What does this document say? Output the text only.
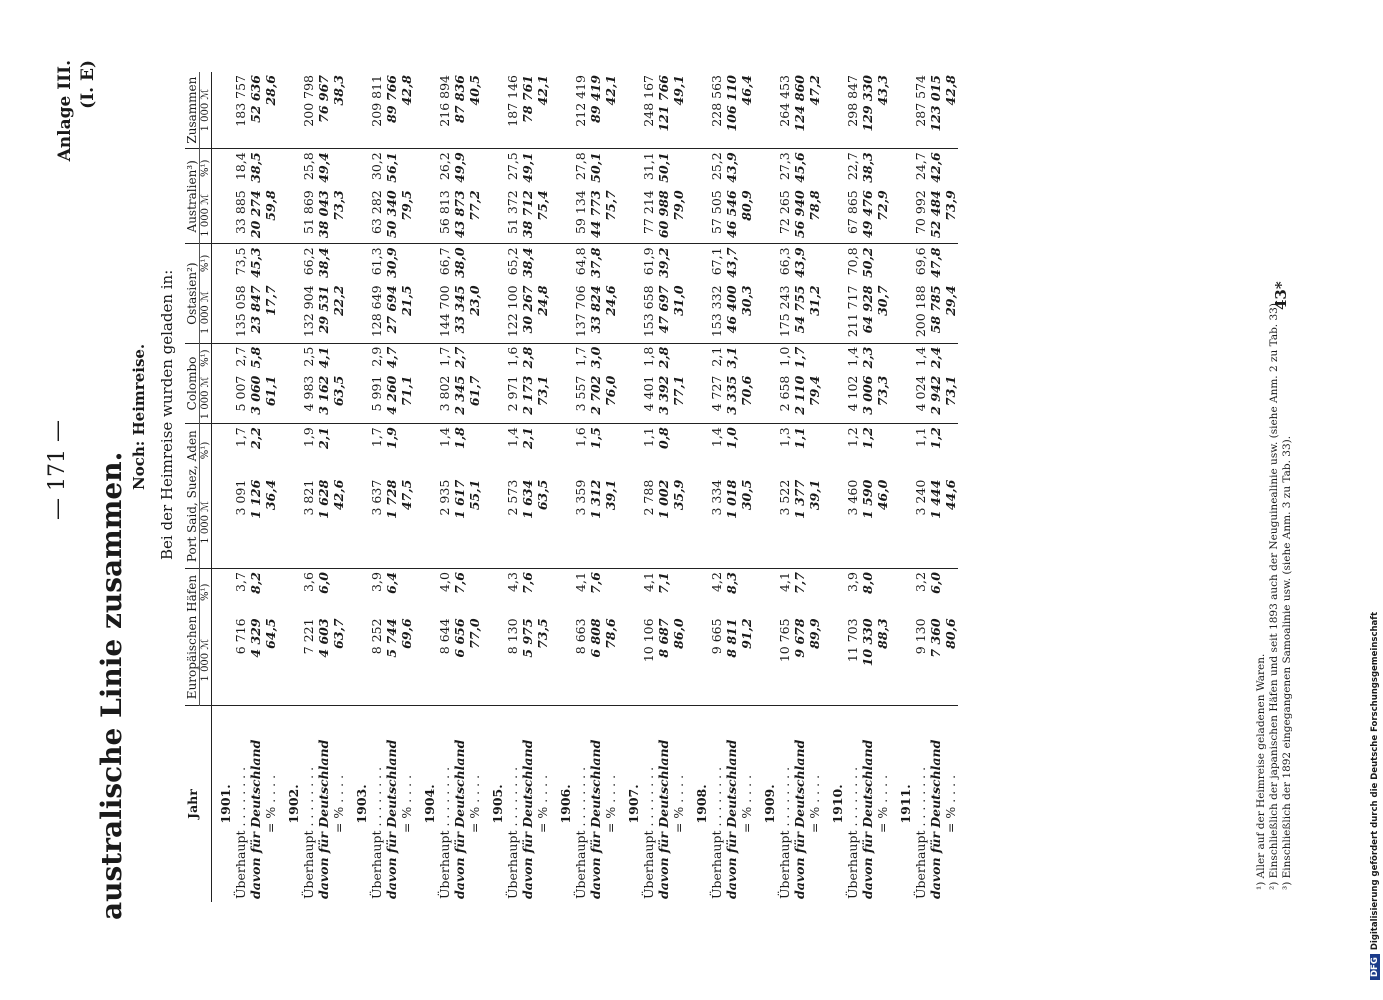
australische Linie zusammen.
— 171 —
Anlage III. (I. E)
Noch: Heimreise. Bei der Heimreise wurden geladen in:
Jahr	Europäischen Häfen		Port Said, Suez, Aden		Colombo		Ostasien²)		Australien³)		Zusammen
	1 000 ℳ	%¹)	1 000 ℳ	%¹)	1 000 ℳ	%¹)	1 000 ℳ	%¹)	1 000 ℳ	%¹)	1 000 ℳ
1901.											
Überhaupt . . . . . . . .	6 716	3,7	3 091	1,7	5 007	2,7	135 058	73,5	33 885	18,4	183 757
davon für Deutschland	4 329	8,2	1 126	2,2	3 060	5,8	23 847	45,3	20 274	38,5	52 636
= % . . . .	64,5		36,4		61,1		17,7		59,8		28,6
1902.											
Überhaupt . . . . . . . .	7 221	3,6	3 821	1,9	4 983	2,5	132 904	66,2	51 869	25,8	200 798
davon für Deutschland	4 603	6,0	1 628	2,1	3 162	4,1	29 531	38,4	38 043	49,4	76 967
= % . . . .	63,7		42,6		63,5		22,2		73,3		38,3
1903.											
Überhaupt . . . . . . . .	8 252	3,9	3 637	1,7	5 991	2,9	128 649	61,3	63 282	30,2	209 811
davon für Deutschland	5 744	6,4	1 728	1,9	4 260	4,7	27 694	30,9	50 340	56,1	89 766
= % . . . .	69,6		47,5		71,1		21,5		79,5		42,8
1904.											
Überhaupt . . . . . . . .	8 644	4,0	2 935	1,4	3 802	1,7	144 700	66,7	56 813	26,2	216 894
davon für Deutschland	6 656	7,6	1 617	1,8	2 345	2,7	33 345	38,0	43 873	49,9	87 836
= % . . . .	77,0		55,1		61,7		23,0		77,2		40,5
1905.											
Überhaupt . . . . . . . .	8 130	4,3	2 573	1,4	2 971	1,6	122 100	65,2	51 372	27,5	187 146
davon für Deutschland	5 975	7,6	1 634	2,1	2 173	2,8	30 267	38,4	38 712	49,1	78 761
= % . . . .	73,5		63,5		73,1		24,8		75,4		42,1
1906.											
Überhaupt . . . . . . . .	8 663	4,1	3 359	1,6	3 557	1,7	137 706	64,8	59 134	27,8	212 419
davon für Deutschland	6 808	7,6	1 312	1,5	2 702	3,0	33 824	37,8	44 773	50,1	89 419
= % . . . .	78,6		39,1		76,0		24,6		75,7		42,1
1907.											
Überhaupt . . . . . . . .	10 106	4,1	2 788	1,1	4 401	1,8	153 658	61,9	77 214	31,1	248 167
davon für Deutschland	8 687	7,1	1 002	0,8	3 392	2,8	47 697	39,2	60 988	50,1	121 766
= % . . . .	86,0		35,9		77,1		31,0		79,0		49,1
1908.											
Überhaupt . . . . . . . .	9 665	4,2	3 334	1,4	4 727	2,1	153 332	67,1	57 505	25,2	228 563
davon für Deutschland	8 811	8,3	1 018	1,0	3 335	3,1	46 400	43,7	46 546	43,9	106 110
= % . . . .	91,2		30,5		70,6		30,3		80,9		46,4
1909.											
Überhaupt . . . . . . . .	10 765	4,1	3 522	1,3	2 658	1,0	175 243	66,3	72 265	27,3	264 453
davon für Deutschland	9 678	7,7	1 377	1,1	2 110	1,7	54 755	43,9	56 940	45,6	124 860
= % . . . .	89,9		39,1		79,4		31,2		78,8		47,2
1910.											
Überhaupt . . . . . . . .	11 703	3,9	3 460	1,2	4 102	1,4	211 717	70,8	67 865	22,7	298 847
davon für Deutschland	10 330	8,0	1 590	1,2	3 006	2,3	64 928	50,2	49 476	38,3	129 330
= % . . . .	88,3		46,0		73,3		30,7		72,9		43,3
1911.											
Überhaupt . . . . . . . .	9 130	3,2	3 240	1,1	4 024	1,4	200 188	69,6	70 992	24,7	287 574
davon für Deutschland	7 360	6,0	1 444	1,2	2 942	2,4	58 785	47,8	52 484	42,6	123 015
= % . . . .	80,6		44,6		73,1		29,4		73,9		42,8
¹) Aller auf der Heimreise geladenen Waren. ²) Einschließlich der japanischen Häfen und seit 1893 auch der Neuguinealinie usw. (siehe Anm. 2 zu Tab. 33). ³) Einschließlich der 1892 eingegangenen Samoalinie usw. (siehe Anm. 3 zu Tab. 33).
43*
DFGDigitalisierung gefördert durch die Deutsche Forschungsgemeinschaft
